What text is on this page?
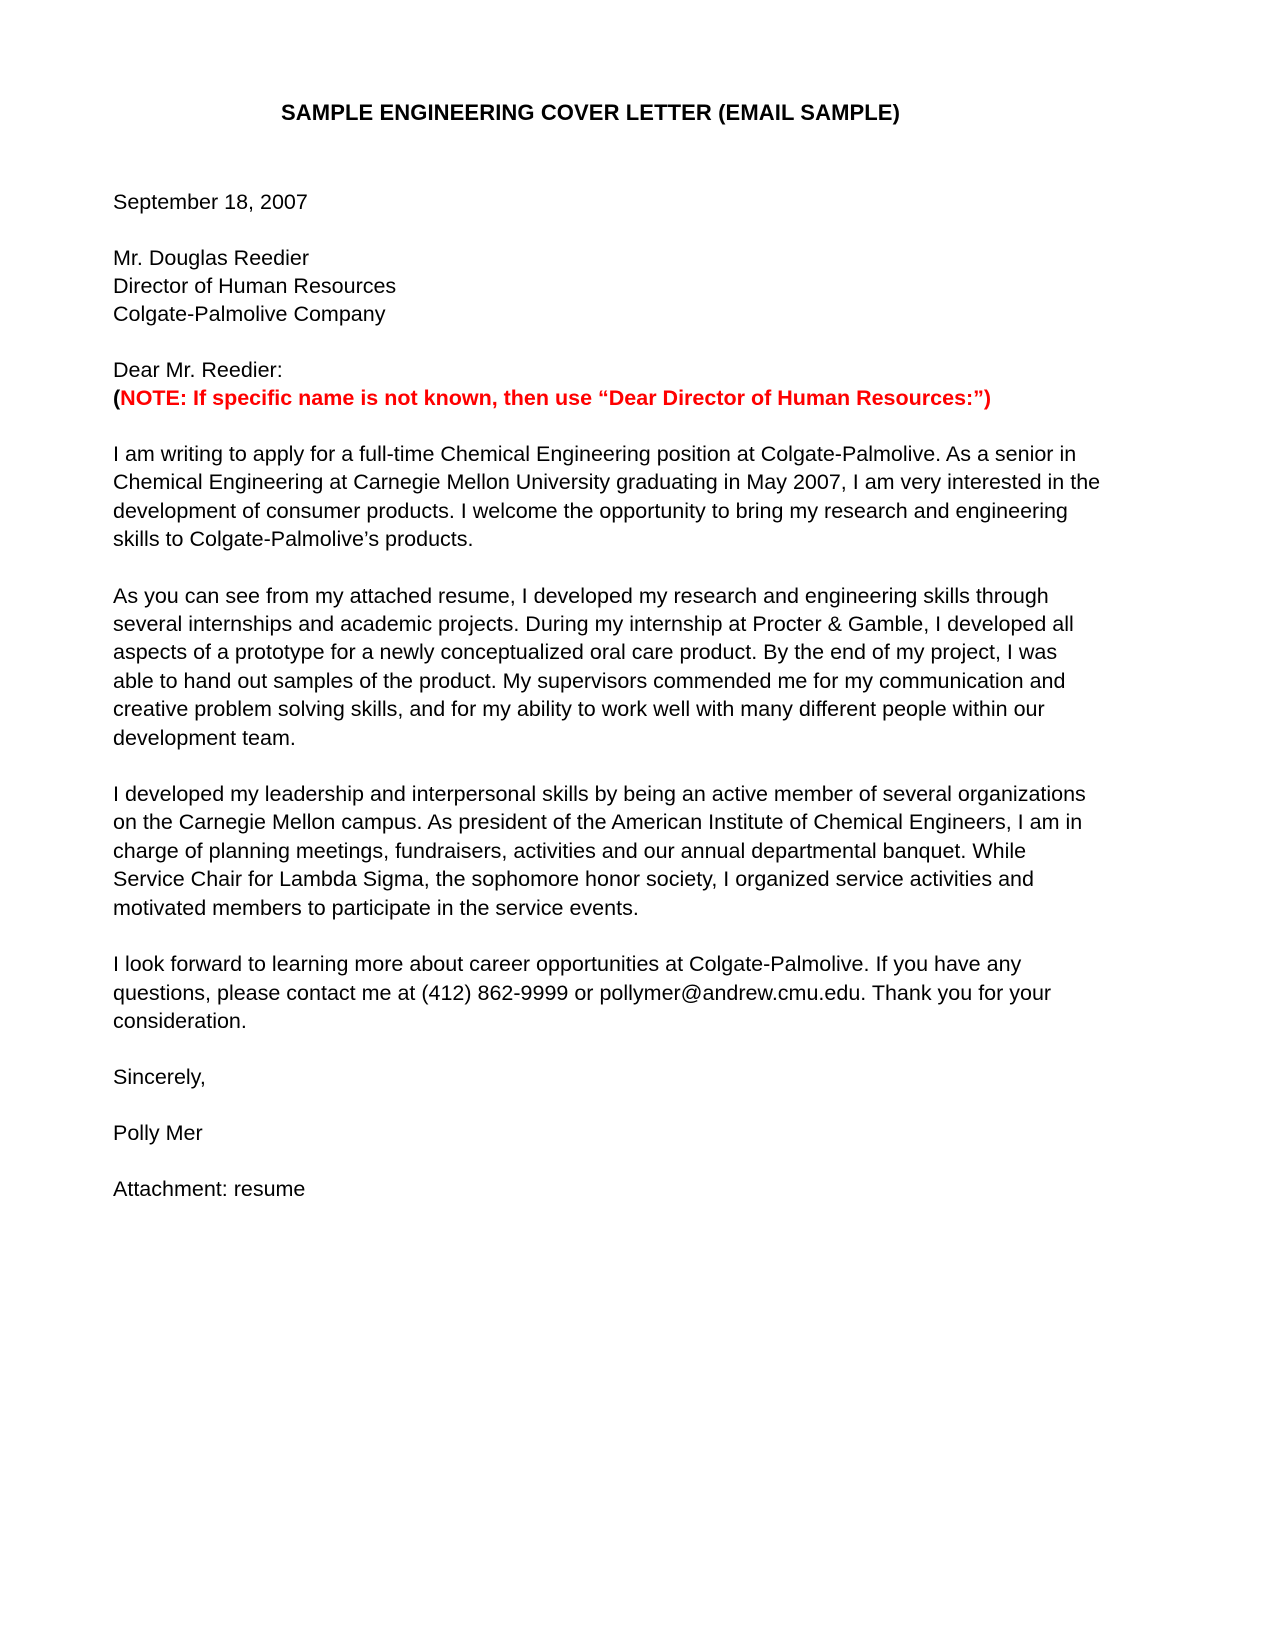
SAMPLE ENGINEERING COVER LETTER (EMAIL SAMPLE)

September 18, 2007

Mr. Douglas Reedier
Director of Human Resources
Colgate-Palmolive Company

Dear Mr. Reedier:

(NOTE: If specific name is not known, then use “Dear Director of Human Resources:”)

I am writing to apply for a full-time Chemical Engineering position at Colgate-Palmolive. As a senior in Chemical Engineering at Carnegie Mellon University graduating in May 2007, I am very interested in the development of consumer products. I welcome the opportunity to bring my research and engineering skills to Colgate-Palmolive’s products.

As you can see from my attached resume, I developed my research and engineering skills through several internships and academic projects. During my internship at Procter & Gamble, I developed all aspects of a prototype for a newly conceptualized oral care product. By the end of my project, I was able to hand out samples of the product. My supervisors commended me for my communication and creative problem solving skills, and for my ability to work well with many different people within our development team.

I developed my leadership and interpersonal skills by being an active member of several organizations on the Carnegie Mellon campus. As president of the American Institute of Chemical Engineers, I am in charge of planning meetings, fundraisers, activities and our annual departmental banquet. While Service Chair for Lambda Sigma, the sophomore honor society, I organized service activities and motivated members to participate in the service events.

I look forward to learning more about career opportunities at Colgate-Palmolive. If you have any questions, please contact me at (412) 862-9999 or pollymer@andrew.cmu.edu. Thank you for your consideration.

Sincerely,

Polly Mer

Attachment: resume
